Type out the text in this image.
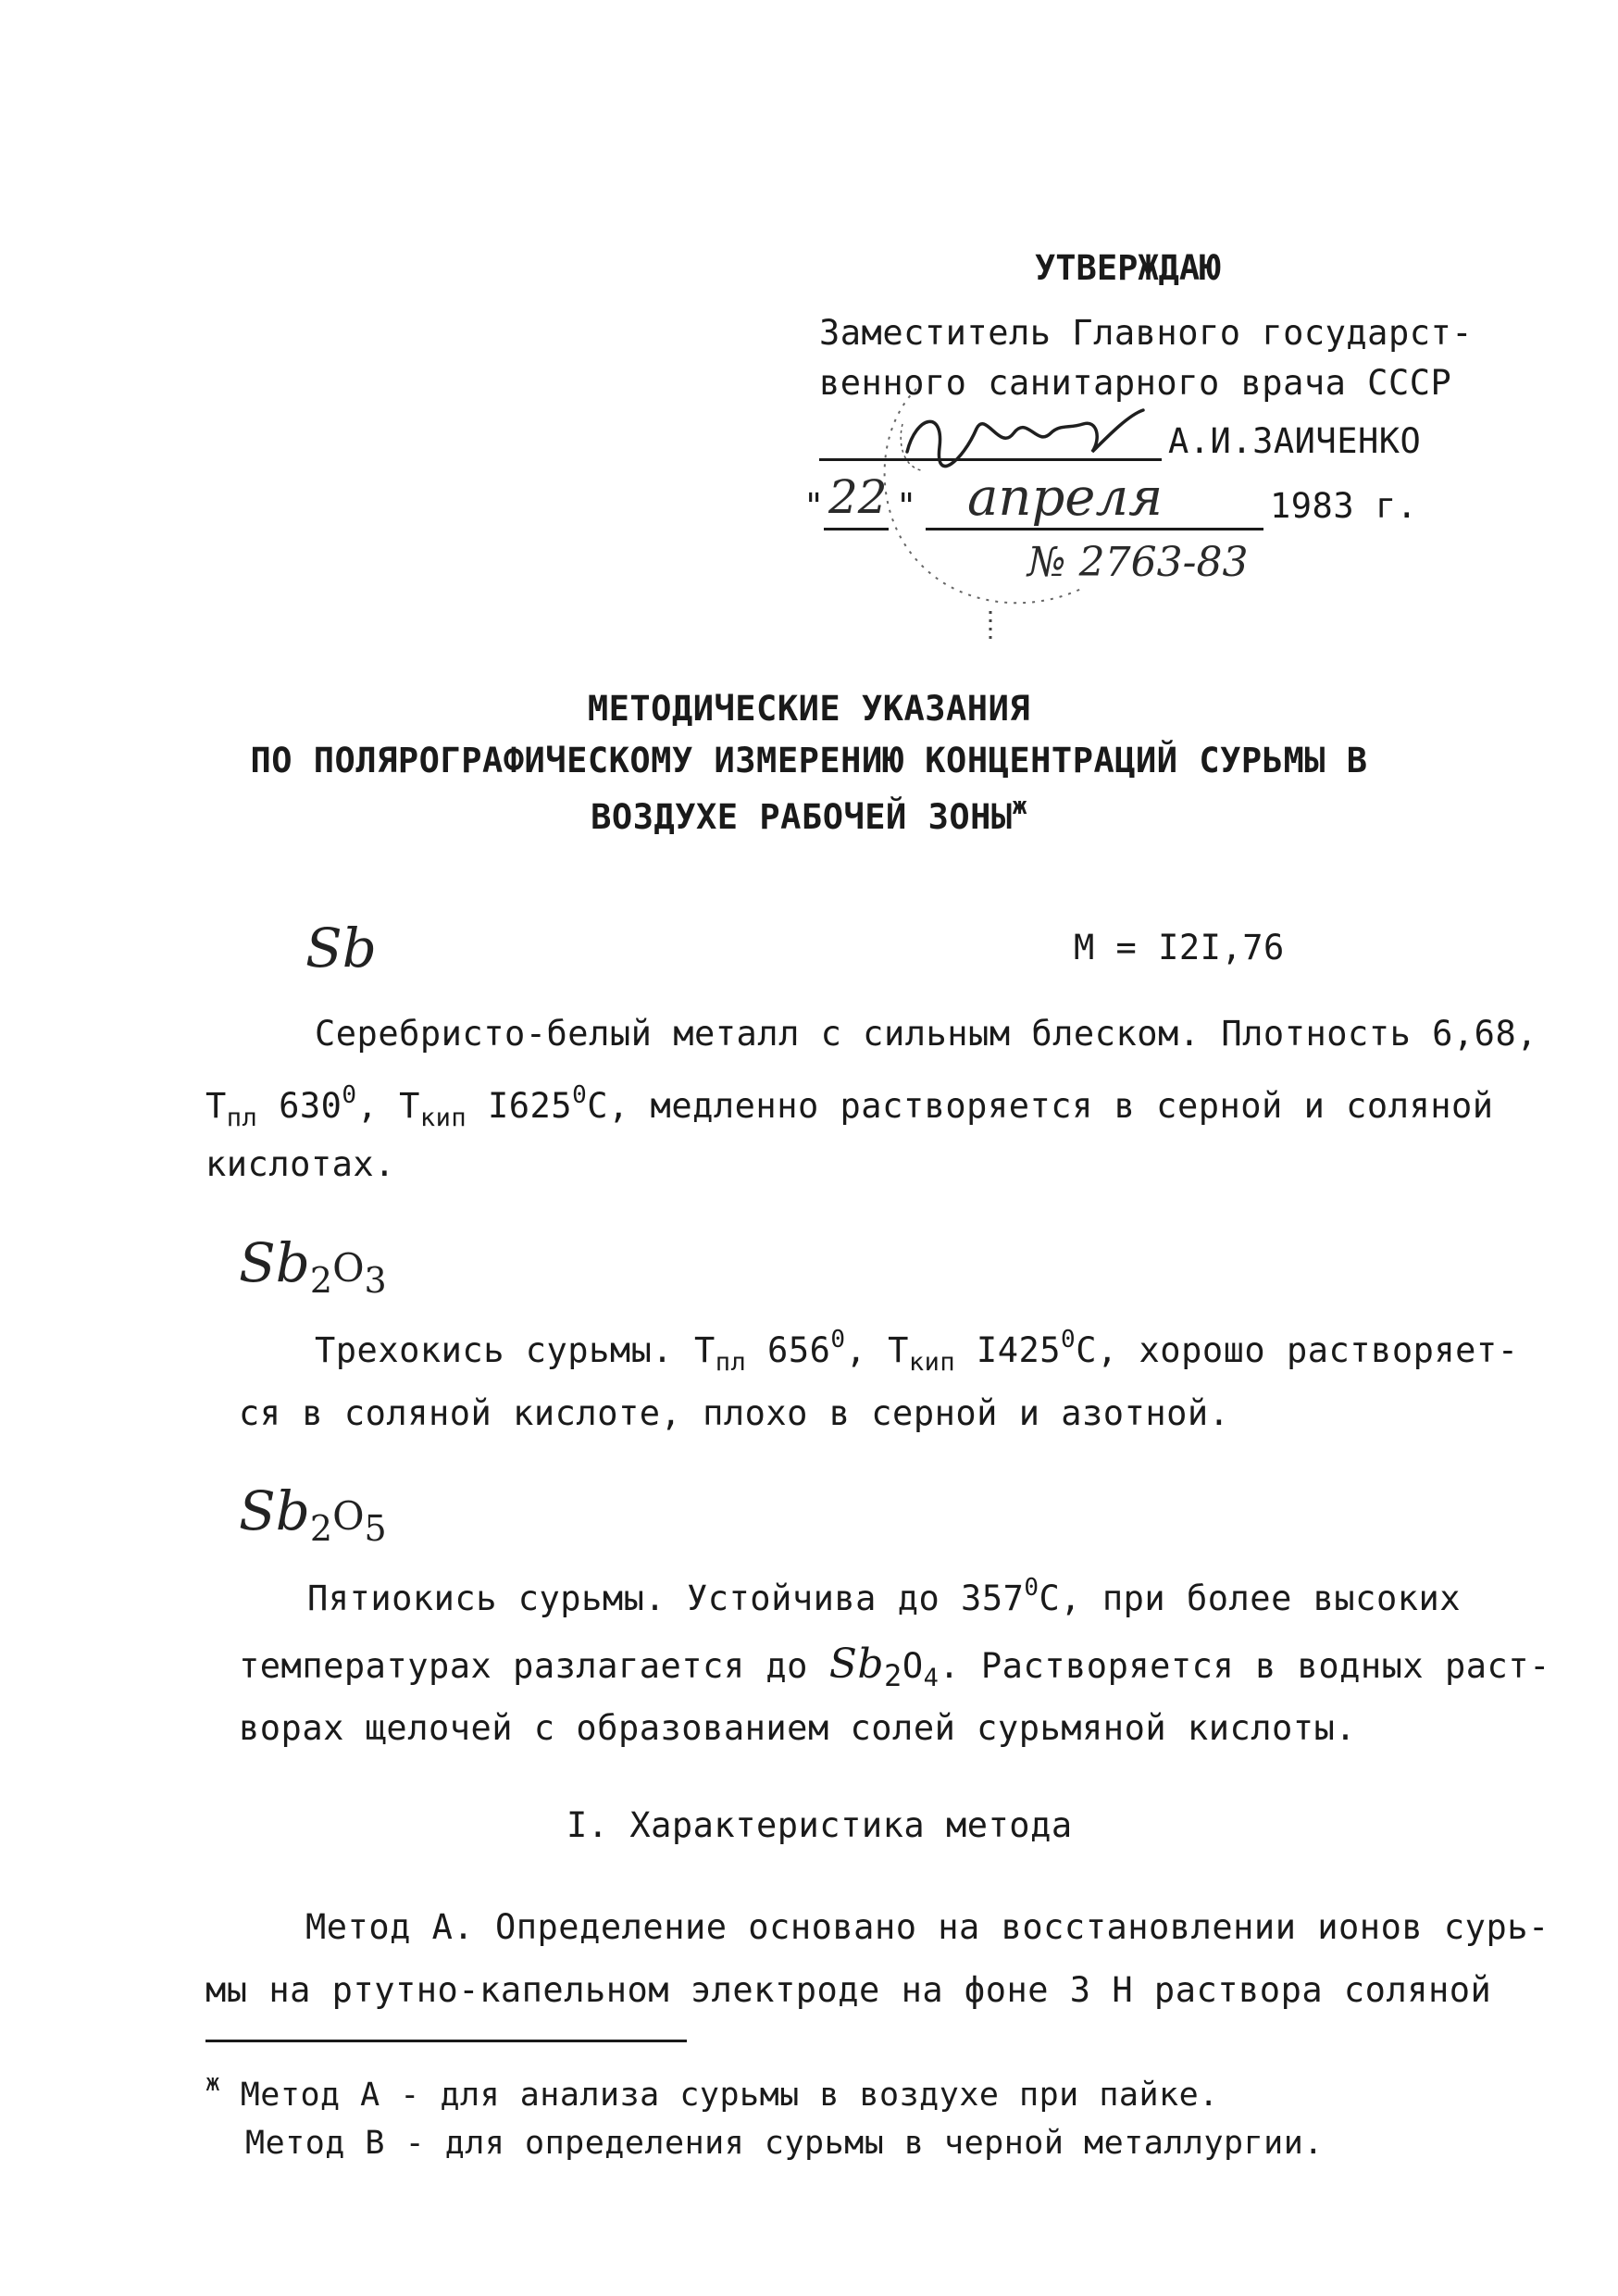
УТВЕРЖДАЮ
Заместитель Главного государст-
венного санитарного врача СССР
А.И.ЗАИЧЕНКО
" 22 " апреля	1983 г.
№ 2763-83
МЕТОДИЧЕСКИЕ УКАЗАНИЯ
ПО ПОЛЯРОГРАФИЧЕСКОМУ ИЗМЕРЕНИЮ КОНЦЕНТРАЦИЙ СУРЬМЫ В
ВОЗДУХЕ РАБОЧЕЙ $ЗОНЫ^ж$
Sb	М = I2I,76
Серебристо-белый металл с сильным блеском. Плотность 6,68,
$Т_{пл}$ $630^0$, $Т_{кип}$ $I625^0С$, медленно растворяется в серной и соляной
кислотах.
$Sb_2O_3$
Трехокись сурьмы. $Т_{пл}$ $656^0$, $Т_{кип}$ $I425^0С$, хорошо растворяет-
ся в соляной кислоте, плохо в серной и азотной.
$Sb_2O_5$
Пятиокись сурьмы. Устойчива до $357^0С$, при более высоких
температурах разлагается до $Sb_2O_4$. Растворяется в водных раст-
ворах щелочей с образованием солей сурьмяной кислоты.
I. Характеристика метода
Метод А. Определение основано на восстановлении ионов сурь-
мы на ртутно-капельном электроде на фоне 3 Н раствора соляной
$^ж$ Метод А - для анализа сурьмы в воздухе при пайке.
Метод В - для определения сурьмы в черной металлургии.
